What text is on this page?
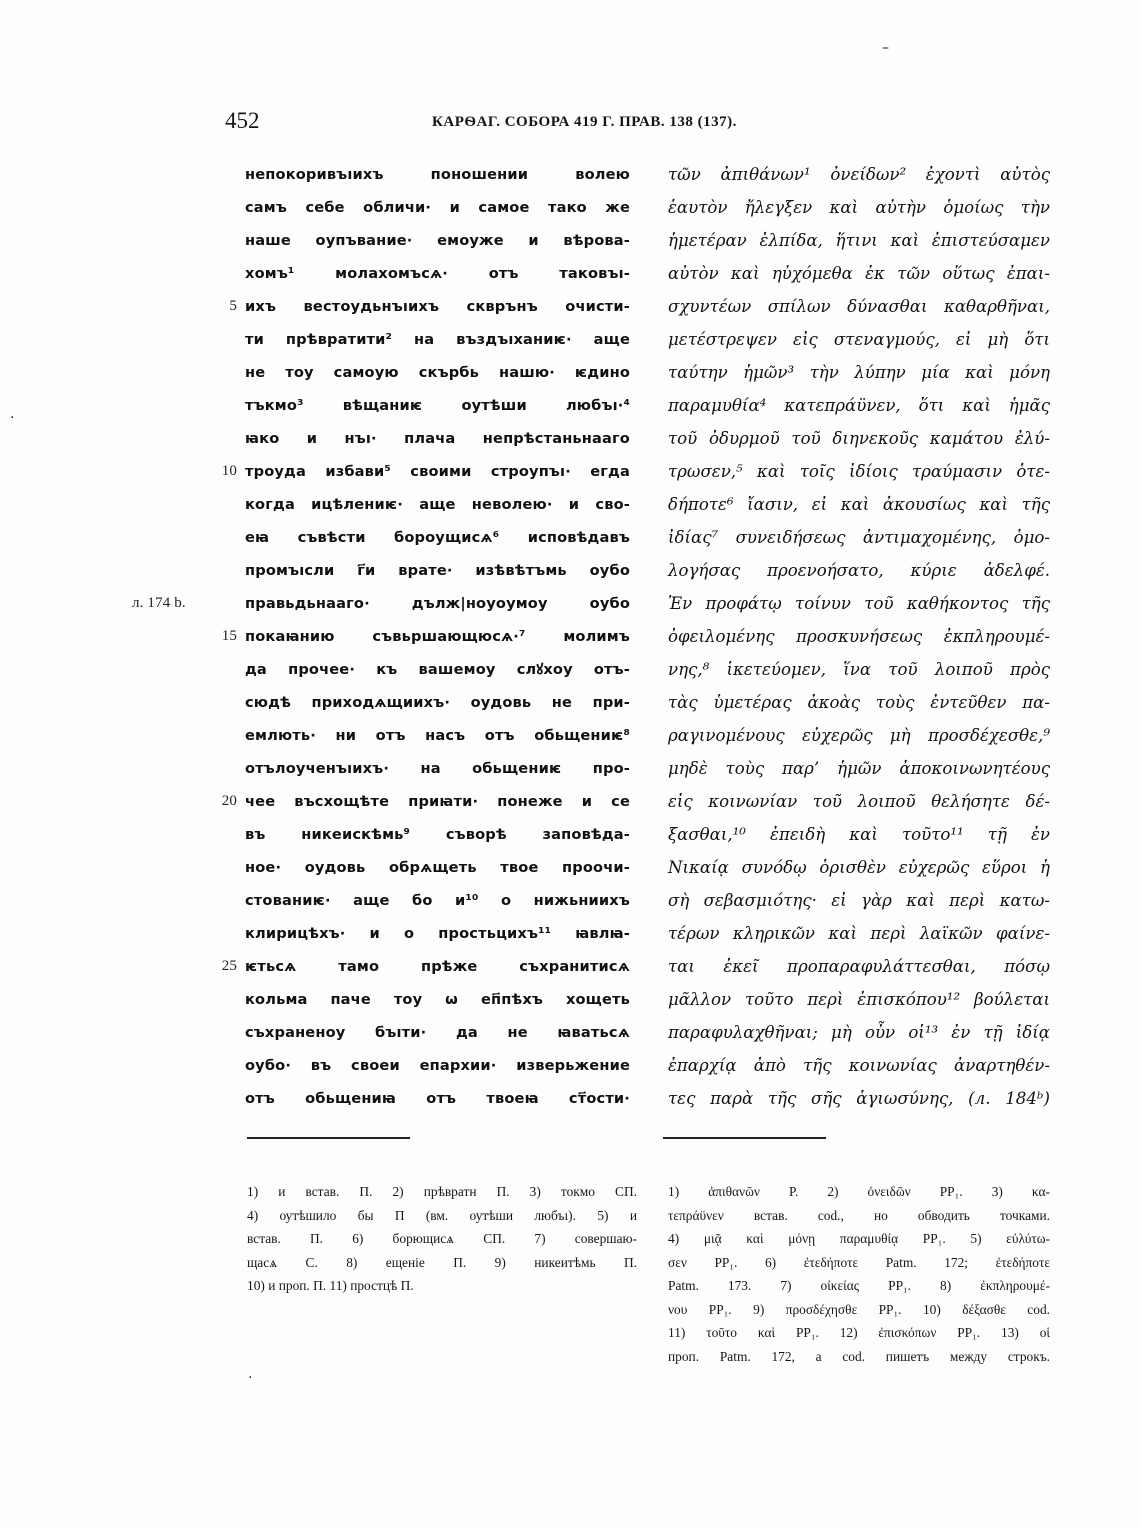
452	КАРѲАГ. СОБОРА 419 Г. ПРАВ. 138 (137).
–
·
·
непокоривъıихъ поношении волею
самъ себе обличи· и самое тако же
наше оупъвание· емоуже и вѣрова-
хомъ¹ молахомъсѧ· отъ таковъı-
5 ихъ вестоудьнъıихъ скврънъ очисти-
ти прѣвратити² на въздъıханиѥ· аще
не тоу самоую скърбь нашю· ѥдино
тъкмо³ вѣщаниѥ оутѣши любъı·⁴
ꙗко и нъı· плача непрѣстаньнааго
10 троуда избави⁵ своими строупъı· егда
когда ицѣлениѥ· аще неволею· и сво-
еꙗ съвѣсти бороущисѧ⁶ исповѣдавъ
промъıсли г҃и врате· изѣвѣтъмь оубо
л. 174 b.	правьдьнааго· дълж|ноуоумоу оубо
15 покаꙗнию съвьршающюсѧ·⁷ молимъ
да прочее· къ вашемоу слꙋхоу отъ-
сюдѣ приходѧщиихъ· оудовь не при-
емлють· ни отъ насъ отъ обьщениѥ⁸
отълоученъıихъ· на обьщениѥ про-
20 чее въсхощѣте приꙗти· понеже и се
въ никеискѣмь⁹ съворѣ заповѣда-
ное· оудовь обрѧщеть твое проочи-
стованиѥ· аще бо и¹⁰ о нижьниихъ
клирицѣхъ· и о простьцихъ¹¹ ꙗвлꙗ-
25 ѥтьсѧ тамо прѣже съхранитисѧ
кольма паче тоу ѡ еп҃пѣхъ хощеть
съхраненоу бъıти· да не ꙗватьсѧ
оубо· въ своеи епархии· изверьжение
отъ обьщениꙗ отъ твоеꙗ ст҃ости·
τῶν ἀπιθάνων¹ ὀνείδων² ἐχοντὶ αὐτὸς
ἑαυτὸν ἤλεγξεν καὶ αὐτὴν ὁμοίως τὴν
ἡμετέραν ἐλπίδα, ἥτινι καὶ ἐπιστεύσαμεν
αὐτὸν καὶ ηὐχόμεθα ἐκ τῶν οὕτως ἐπαι-
σχυντέων σπίλων δύνασθαι καθαρθῆναι,
μετέστρεψεν εἰς στεναγμούς, εἰ μὴ ὅτι
ταύτην ἡμῶν³ τὴν λύπην μία καὶ μόνη
παραμυθία⁴ κατεπράϋνεν, ὅτι καὶ ἡμᾶς
τοῦ ὀδυρμοῦ τοῦ διηνεκοῦς καμάτου ἐλύ-
τρωσεν,⁵ καὶ τοῖς ἰδίοις τραύμασιν ὁτε-
δήποτε⁶ ἴασιν, εἰ καὶ ἀκουσίως καὶ τῆς
ἰδίας⁷ συνειδήσεως ἀντιμαχομένης, ὁμο-
λογήσας προενοήσατο, κύριε ἀδελφέ.
Ἐν προφάτῳ τοίνυν τοῦ καθήκοντος τῆς
ὀφειλομένης προσκυνήσεως ἐκπληρουμέ-
νης,⁸ ἱκετεύομεν, ἵνα τοῦ λοιποῦ πρὸς
τὰς ὑμετέρας ἀκοὰς τοὺς ἐντεῦθεν πα-
ραγινομένους εὐχερῶς μὴ προσδέχεσθε,⁹
μηδὲ τοὺς παρ’ ἡμῶν ἀποκοινωνητέους
εἰς κοινωνίαν τοῦ λοιποῦ θελήσητε δέ-
ξασθαι,¹⁰ ἐπειδὴ καὶ τοῦτο¹¹ τῇ ἐν
Νικαίᾳ συνόδῳ ὁρισθὲν εὐχερῶς εὕροι ἡ
σὴ σεβασμιότης· εἰ γὰρ καὶ περὶ κατω-
τέρων κληρικῶν καὶ περὶ λαϊκῶν φαίνε-
ται ἐκεῖ προπαραφυλάττεσθαι, πόσῳ
μᾶλλον τοῦτο περὶ ἐπισκόπου¹² βούλεται
παραφυλαχθῆναι; μὴ οὖν οἱ¹³ ἐν τῇ ἰδίᾳ
ἐπαρχίᾳ ἀπὸ τῆς κοινωνίας ἀναρτηθέν-
τες παρὰ τῆς σῆς ἁγιωσύνης, (л. 184ᵇ)
1) и встав. П. 2) прѣвратн П. 3) токмо СП.
4) оутѣшило бы П (вм. оутѣши любъı). 5) и
встав. П. 6) борющисѧ СП. 7) совершаю-
щасѧ С. 8) ещеніе П. 9) никеитѣмь П.
10) и проп. П. 11) простцѣ П.
1) ἀπιθανῶν P. 2) ὀνειδῶν PP₁. 3) κα-
τεπράϋνεν встав. cod., но обводить точками.
4) μιᾷ καὶ μόνῃ παραμυθίᾳ PP₁. 5) εὐλύτω-
σεν PP₁. 6) ἐτεδήποτε Patm. 172; ἐτεδήποτε
Patm. 173. 7) οἰκείας PP₁. 8) ἐκπληρουμέ-
νου PP₁. 9) προσδέχησθε PP₁. 10) δέξασθε cod.
11) τοῦτο καὶ PP₁. 12) ἐπισκόπων PP₁. 13) οἱ
проп. Patm. 172, а cod. пишетъ между строкъ.
